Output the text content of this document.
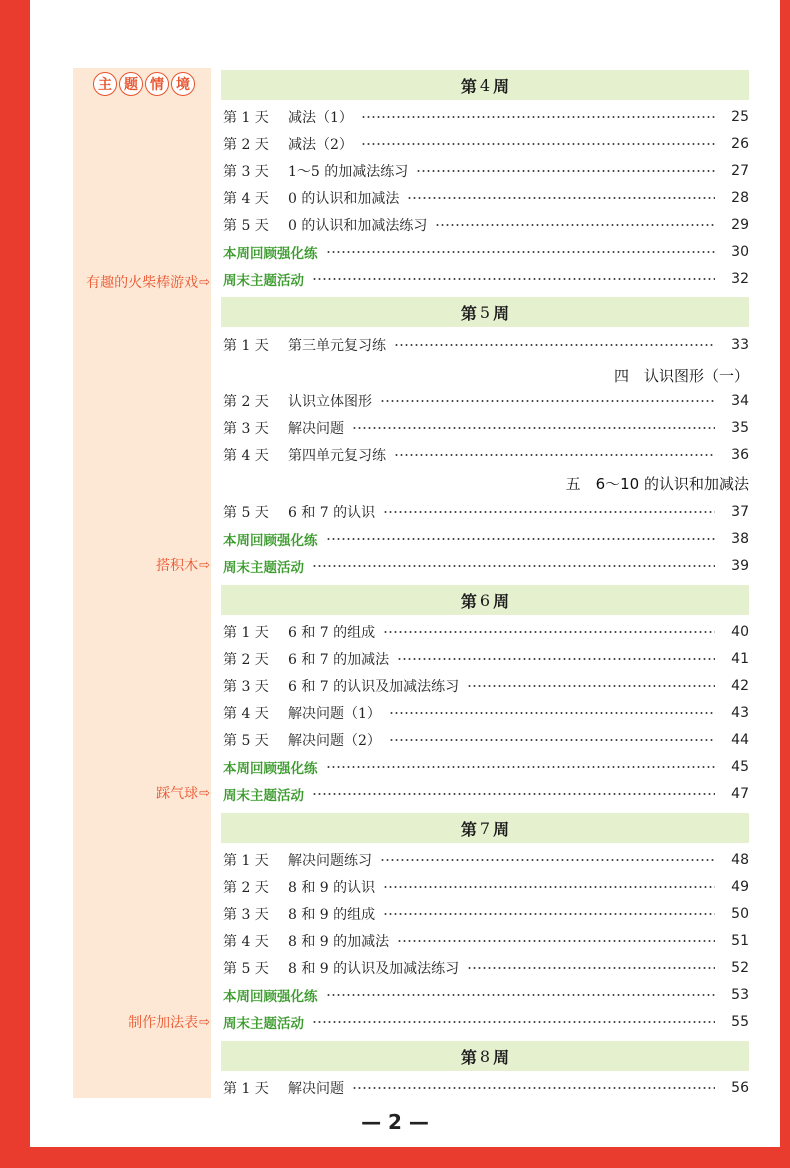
主 题 情 境
有趣的火柴棒游戏 ⇨
搭积木 ⇨
踩气球 ⇨
制作加法表 ⇨
第 4 周
第 5 周
第 6 周
第 7 周
第 8 周
四　认识图形（一）
五　6～10 的认识和加减法
第 1 天	减法（1）	25
第 2 天	减法（2）	26
第 3 天	1～5 的加减法练习	27
第 4 天	0 的认识和加减法	28
第 5 天	0 的认识和加减法练习	29
本周回顾强化练	30
周末主题活动	32
第 1 天	第三单元复习练	33
第 2 天	认识立体图形	34
第 3 天	解决问题	35
第 4 天	第四单元复习练	36
第 5 天	6 和 7 的认识	37
本周回顾强化练	38
周末主题活动	39
第 1 天	6 和 7 的组成	40
第 2 天	6 和 7 的加减法	41
第 3 天	6 和 7 的认识及加减法练习	42
第 4 天	解决问题（1）	43
第 5 天	解决问题（2）	44
本周回顾强化练	45
周末主题活动	47
第 1 天	解决问题练习	48
第 2 天	8 和 9 的认识	49
第 3 天	8 和 9 的组成	50
第 4 天	8 和 9 的加减法	51
第 5 天	8 和 9 的认识及加减法练习	52
本周回顾强化练	53
周末主题活动	55
第 1 天	解决问题	56
— 2 —
